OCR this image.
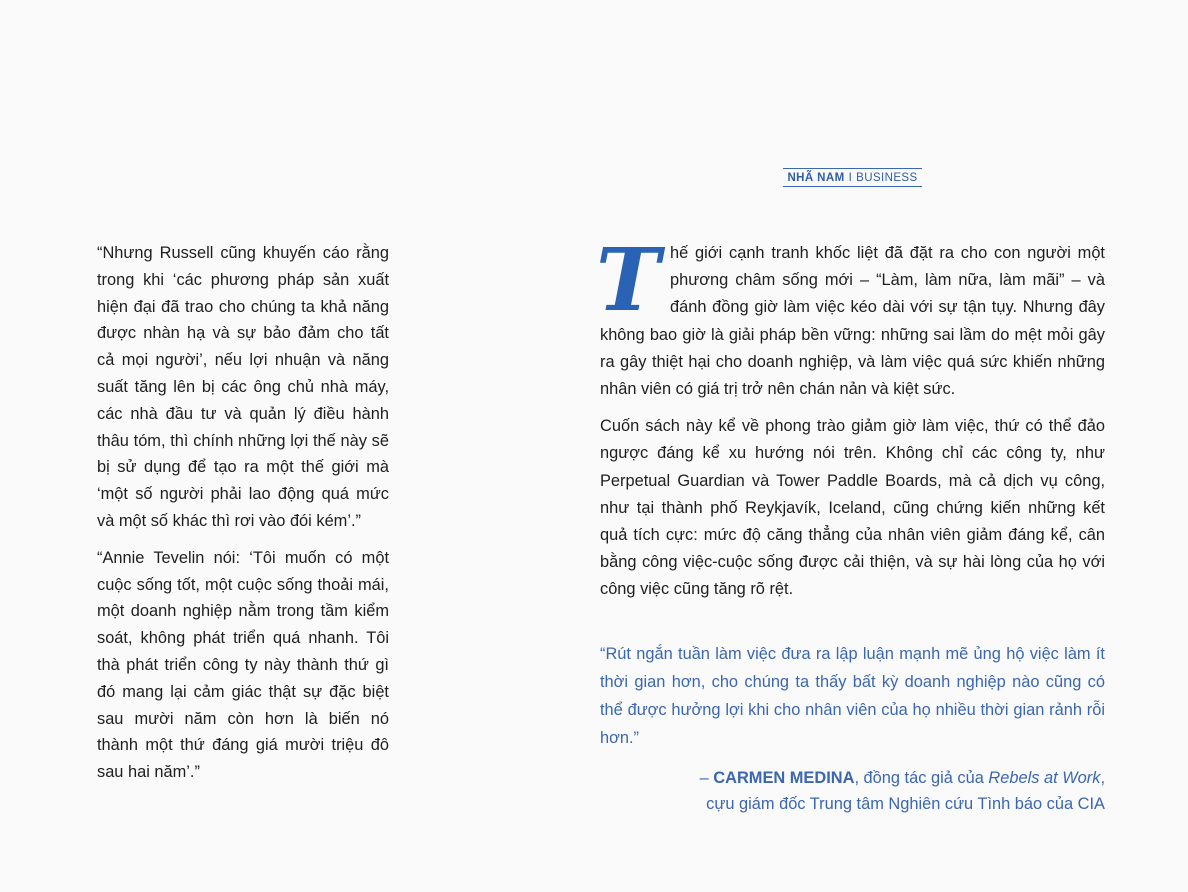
NHÃ NAM I BUSINESS

“Nhưng Russell cũng khuyến cáo rằng trong khi ‘các phương pháp sản xuất hiện đại đã trao cho chúng ta khả năng được nhàn hạ và sự bảo đảm cho tất cả mọi người’, nếu lợi nhuận và năng suất tăng lên bị các ông chủ nhà máy, các nhà đầu tư và quản lý điều hành thâu tóm, thì chính những lợi thế này sẽ bị sử dụng để tạo ra một thế giới mà ‘một số người phải lao động quá mức và một số khác thì rơi vào đói kém’.”

“Annie Tevelin nói: ‘Tôi muốn có một cuộc sống tốt, một cuộc sống thoải mái, một doanh nghiệp nằm trong tầm kiểm soát, không phát triển quá nhanh. Tôi thà phát triển công ty này thành thứ gì đó mang lại cảm giác thật sự đặc biệt sau mười năm còn hơn là biến nó thành một thứ đáng giá mười triệu đô sau hai năm’.”

Thế giới cạnh tranh khốc liệt đã đặt ra cho con người một phương châm sống mới – “Làm, làm nữa, làm mãi” – và đánh đồng giờ làm việc kéo dài với sự tận tụy. Nhưng đây không bao giờ là giải pháp bền vững: những sai lầm do mệt mỏi gây ra gây thiệt hại cho doanh nghiệp, và làm việc quá sức khiến những nhân viên có giá trị trở nên chán nản và kiệt sức.

Cuốn sách này kể về phong trào giảm giờ làm việc, thứ có thể đảo ngược đáng kể xu hướng nói trên. Không chỉ các công ty, như Perpetual Guardian và Tower Paddle Boards, mà cả dịch vụ công, như tại thành phố Reykjavík, Iceland, cũng chứng kiến những kết quả tích cực: mức độ căng thẳng của nhân viên giảm đáng kể, cân bằng công việc-cuộc sống được cải thiện, và sự hài lòng của họ với công việc cũng tăng rõ rệt.

“Rút ngắn tuần làm việc đưa ra lập luận mạnh mẽ ủng hộ việc làm ít thời gian hơn, cho chúng ta thấy bất kỳ doanh nghiệp nào cũng có thể được hưởng lợi khi cho nhân viên của họ nhiều thời gian rảnh rỗi hơn.”

– CARMEN MEDINA, đồng tác giả của Rebels at Work,
cựu giám đốc Trung tâm Nghiên cứu Tình báo của CIA
